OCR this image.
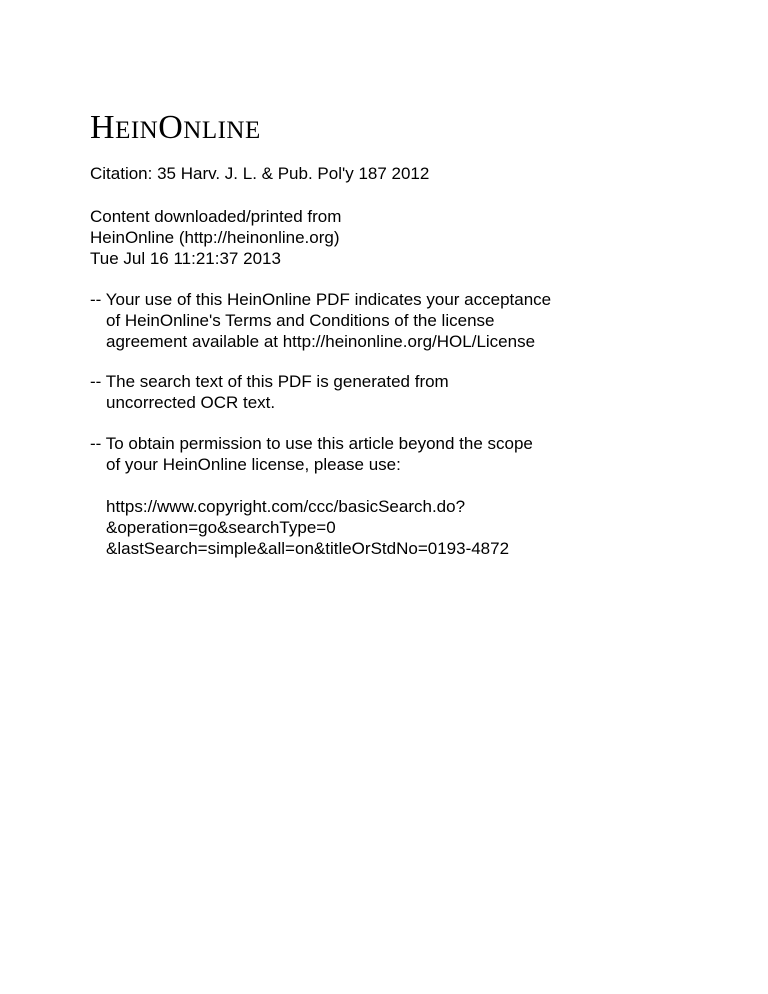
HEINONLINE
Citation: 35 Harv. J. L. & Pub. Pol'y 187 2012
Content downloaded/printed from
HeinOnline (http://heinonline.org)
Tue Jul 16 11:21:37 2013
-- Your use of this HeinOnline PDF indicates your acceptance
of HeinOnline's Terms and Conditions of the license
agreement available at http://heinonline.org/HOL/License
-- The search text of this PDF is generated from
uncorrected OCR text.
-- To obtain permission to use this article beyond the scope
of your HeinOnline license, please use:
https://www.copyright.com/ccc/basicSearch.do?
&operation=go&searchType=0
&lastSearch=simple&all=on&titleOrStdNo=0193-4872
